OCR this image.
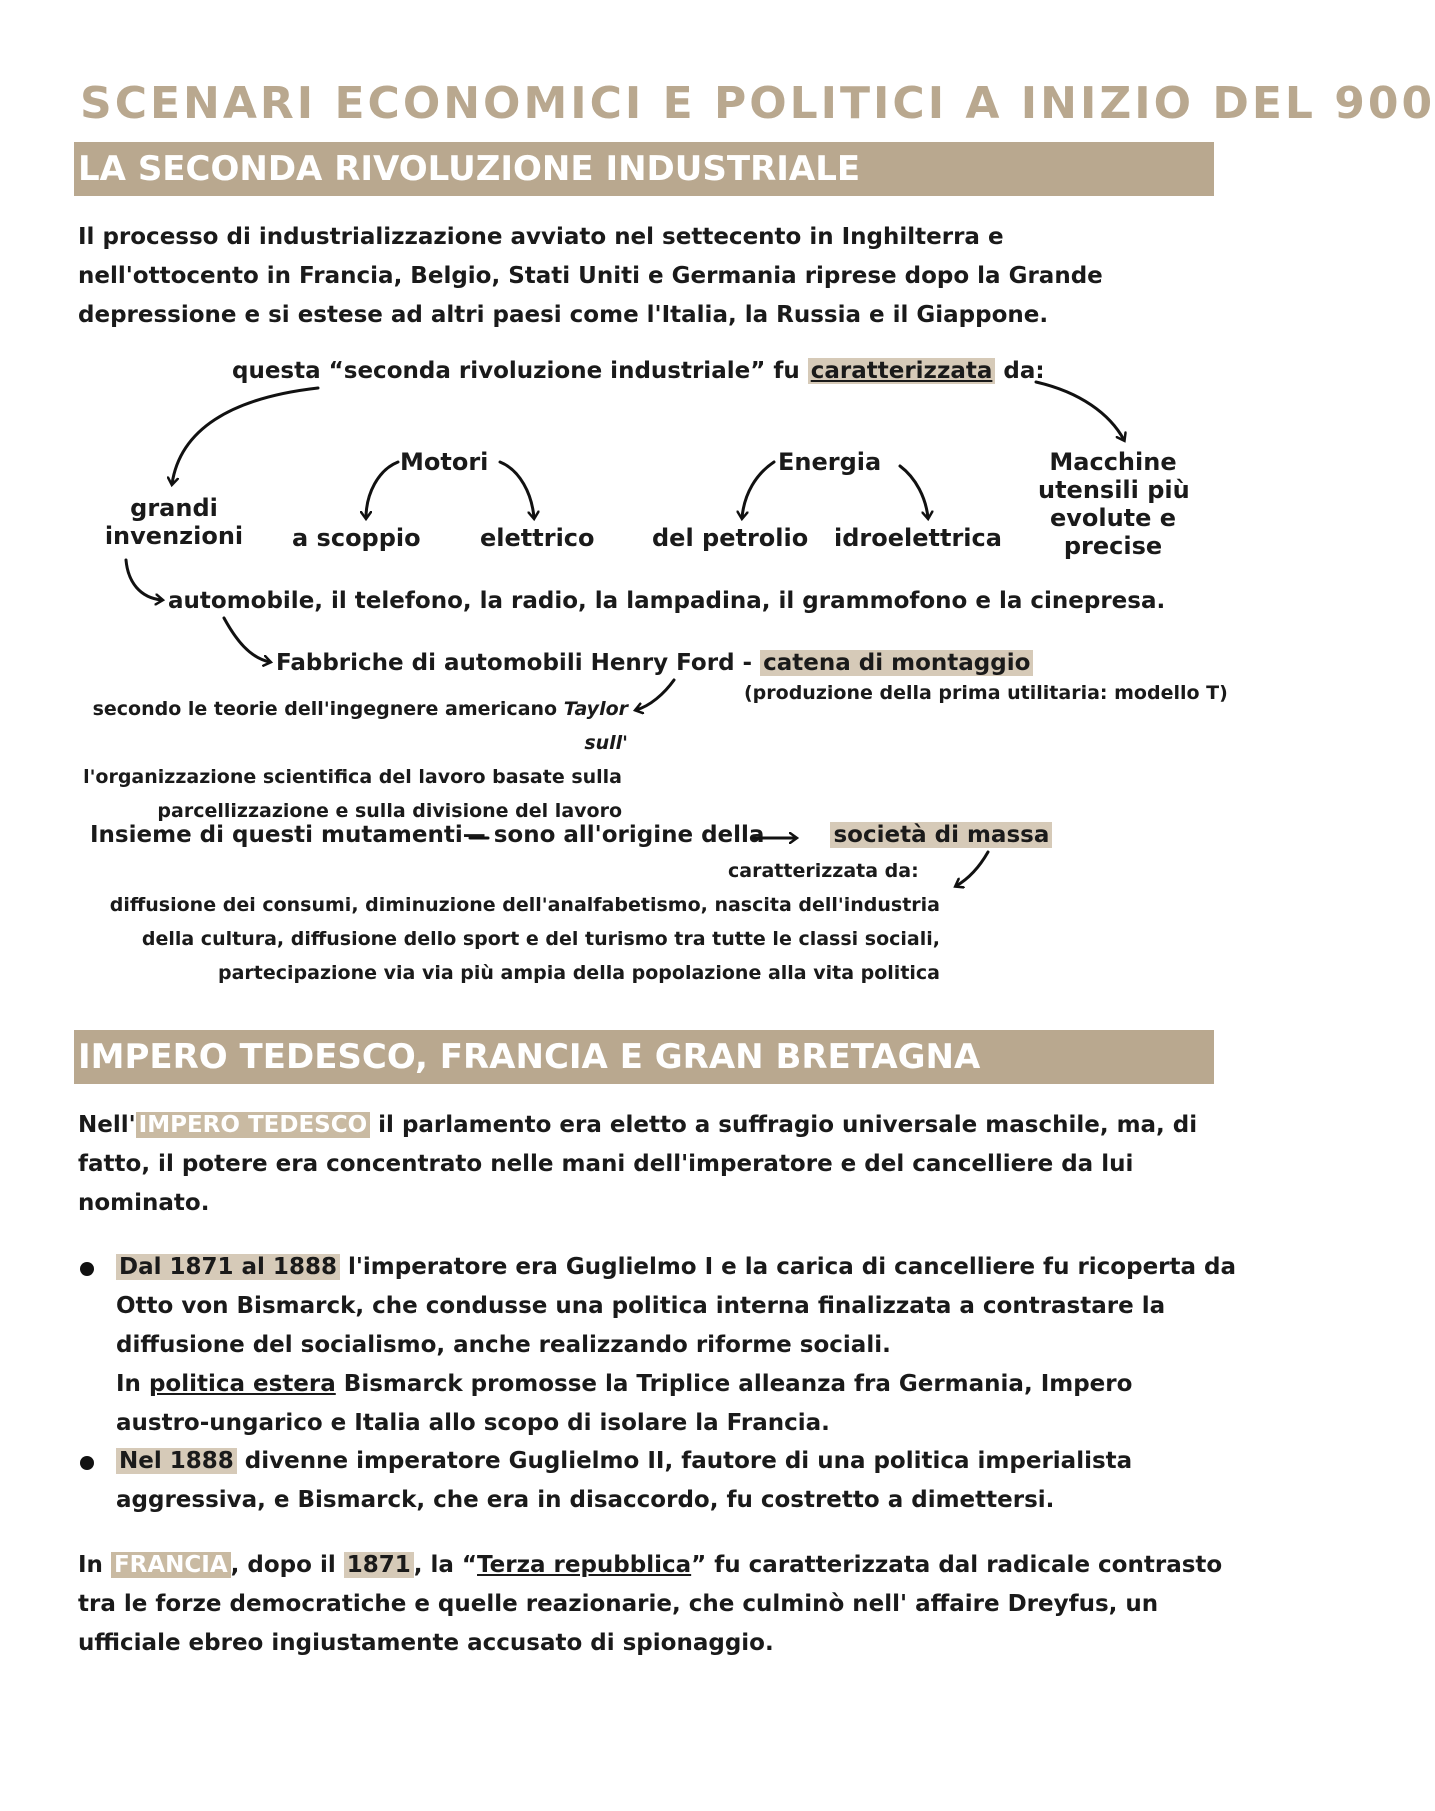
SCENARI ECONOMICI E POLITICI A INIZIO DEL 900
LA SECONDA RIVOLUZIONE INDUSTRIALE
Il processo di industrializzazione avviato nel settecento in Inghilterra e
nell'ottocento in Francia, Belgio, Stati Uniti e Germania riprese dopo la Grande
depressione e si estese ad altri paesi come l'Italia, la Russia e il Giappone.
questa “seconda rivoluzione industriale” fu caratterizzata da:
grandi
invenzioni
Motori
a scoppio elettrico
Energia
del petrolio idroelettrica
Macchine
utensili più
evolute e
precise
automobile, il telefono, la radio, la lampadina, il grammofono e la cinepresa.
Fabbriche di automobili Henry Ford - catena di montaggio
(produzione della prima utilitaria: modello T)
secondo le teorie dell'ingegnere americano Taylor sull'
l'organizzazione scientifica del lavoro basate sulla
parcellizzazione e sulla divisione del lavoro
Insieme di questi mutamenti— sono all'origine della	società di massa
caratterizzata da:
diffusione dei consumi, diminuzione dell'analfabetismo, nascita dell'industria
della cultura, diffusione dello sport e del turismo tra tutte le classi sociali,
partecipazione via via più ampia della popolazione alla vita politica
IMPERO TEDESCO, FRANCIA E GRAN BRETAGNA
Nell' IMPERO TEDESCO il parlamento era eletto a suffragio universale maschile, ma, di
fatto, il potere era concentrato nelle mani dell'imperatore e del cancelliere da lui
nominato.
Dal 1871 al 1888 l'imperatore era Guglielmo I e la carica di cancelliere fu ricoperta da
Otto von Bismarck, che condusse una politica interna finalizzata a contrastare la
diffusione del socialismo, anche realizzando riforme sociali.
In politica estera Bismarck promosse la Triplice alleanza fra Germania, Impero
austro-ungarico e Italia allo scopo di isolare la Francia.
Nel 1888 divenne imperatore Guglielmo II, fautore di una politica imperialista
aggressiva, e Bismarck, che era in disaccordo, fu costretto a dimettersi.
In FRANCIA , dopo il 1871 , la “Terza repubblica” fu caratterizzata dal radicale contrasto
tra le forze democratiche e quelle reazionarie, che culminò nell' affaire Dreyfus, un
ufficiale ebreo ingiustamente accusato di spionaggio.
